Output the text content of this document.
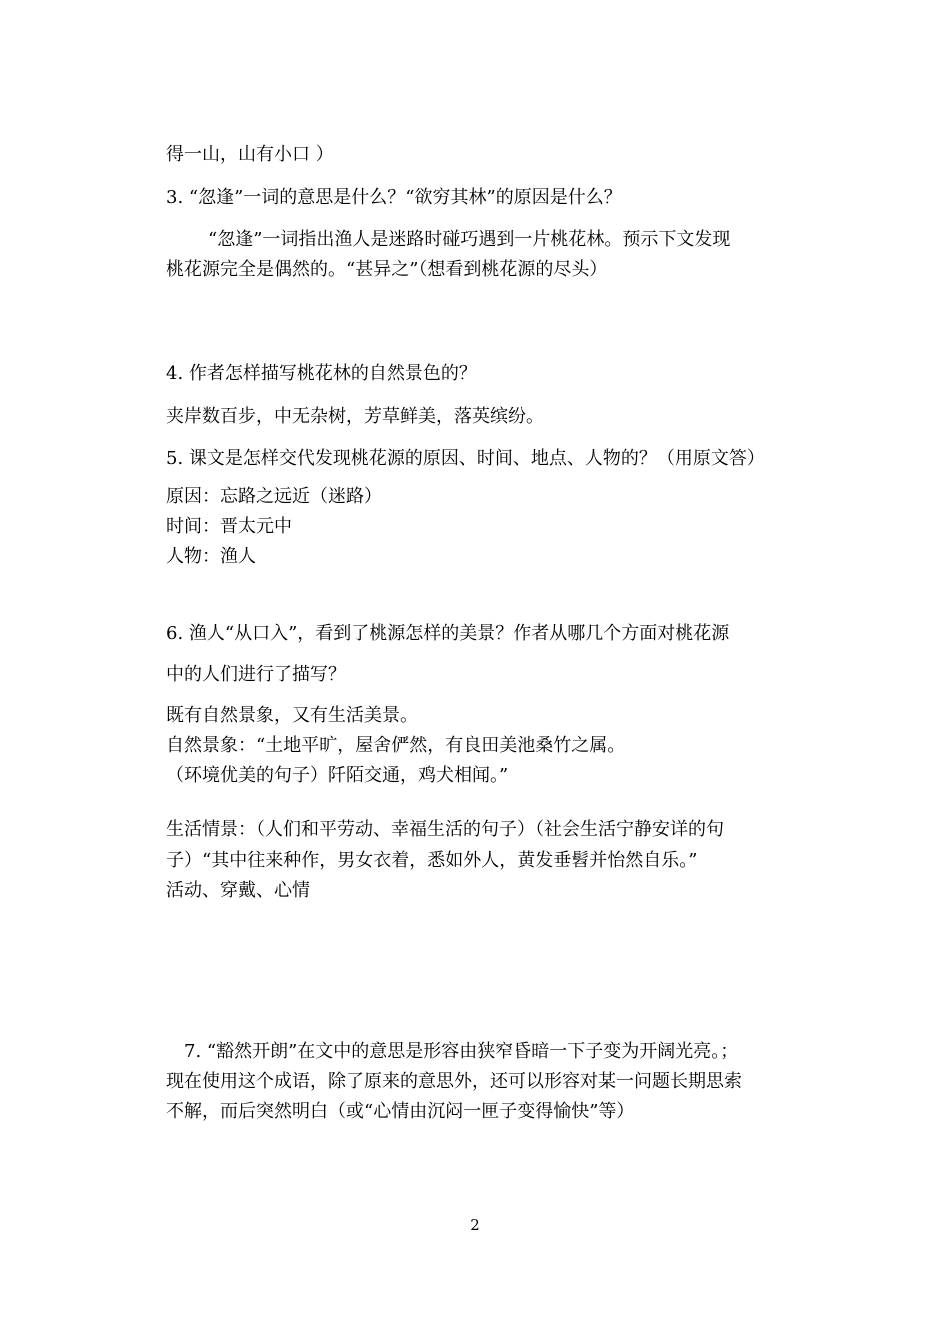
得一山，山有小口 ）
3. “忽逢”一词的意思是什么？“欲穷其林”的原因是什么？
“忽逢”一词指出渔人是迷路时碰巧遇到一片桃花林。预示下文发现
桃花源完全是偶然的。“甚异之”（想看到桃花源的尽头）
4. 作者怎样描写桃花林的自然景色的？
夹岸数百步，中无杂树，芳草鲜美，落英缤纷。
5. 课文是怎样交代发现桃花源的原因、时间、地点、人物的？（用原文答）
原因：忘路之远近（迷路）
时间：晋太元中
人物：渔人
6. 渔人“从口入”，看到了桃源怎样的美景？作者从哪几个方面对桃花源
中的人们进行了描写？
既有自然景象，又有生活美景。
自然景象：“土地平旷，屋舍俨然，有良田美池桑竹之属。
（环境优美的句子）阡陌交通，鸡犬相闻。”
生活情景：（人们和平劳动、幸福生活的句子）（社会生活宁静安详的句
子）“其中往来种作，男女衣着，悉如外人，黄发垂髫并怡然自乐。”
活动、穿戴、心情
7. “豁然开朗”在文中的意思是形容由狭窄昏暗一下子变为开阔光亮。；
现在使用这个成语，除了原来的意思外，还可以形容对某一问题长期思索
不解，而后突然明白（或“心情由沉闷一匣子变得愉快”等）
2
